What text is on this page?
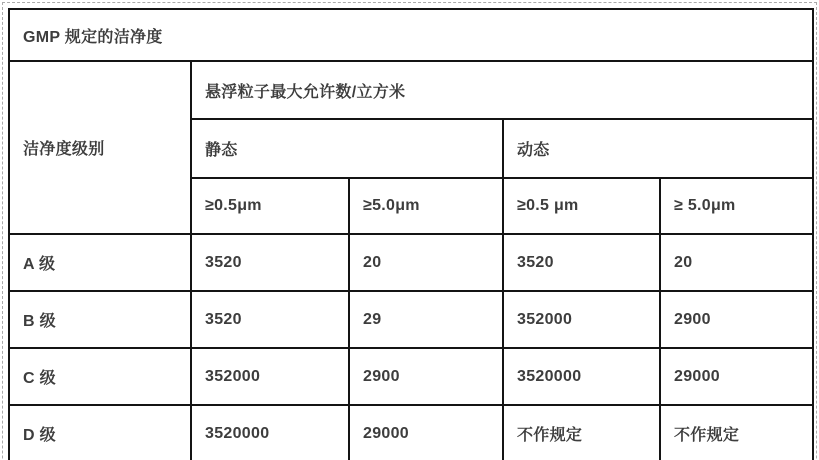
GMP 规定的洁净度				
洁净度级别	悬浮粒子最大允许数/立方米			
	静态		动态	
	≥0.5μm	≥5.0μm	≥0.5 μm	≥ 5.0μm
A 级	3520	20	3520	20
B 级	3520	29	352000	2900
C 级	352000	2900	3520000	29000
D 级	3520000	29000	不作规定	不作规定
